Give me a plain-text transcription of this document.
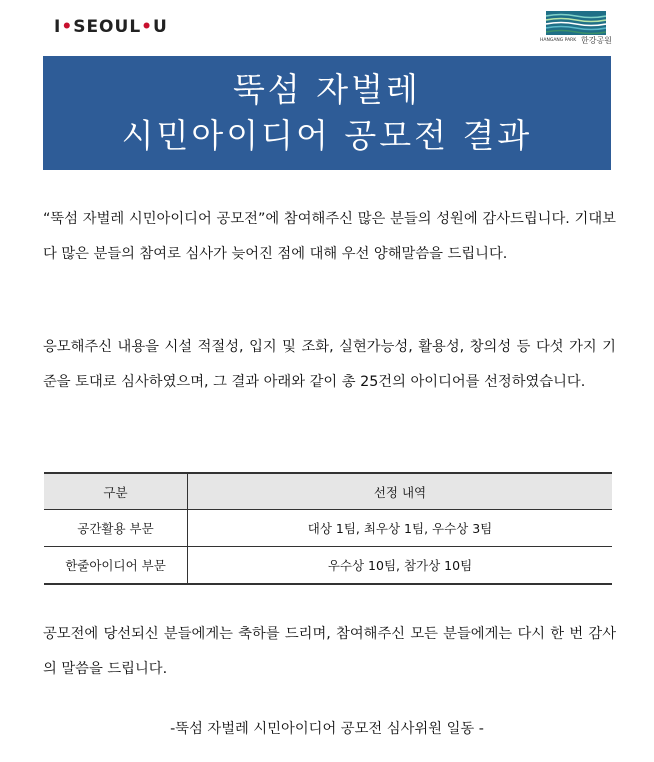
I•SEOUL•U
HANGANG PARK 한강공원
뚝섬 자벌레
시민아이디어 공모전 결과
“뚝섬 자벌레 시민아이디어 공모전”에 참여해주신 많은 분들의 성원에 감사드립니다. 기대보다 많은 분들의 참여로 심사가 늦어진 점에 대해 우선 양해말씀을 드립니다.
응모해주신 내용을 시설 적절성, 입지 및 조화, 실현가능성, 활용성, 창의성 등 다섯 가지 기준을 토대로 심사하였으며, 그 결과 아래와 같이 총 25건의 아이디어를 선정하였습니다.
구분	선정 내역
공간활용 부문	대상 1팀, 최우상 1팀, 우수상 3팀
한줄아이디어 부문	우수상 10팀, 참가상 10팀
공모전에 당선되신 분들에게는 축하를 드리며, 참여해주신 모든 분들에게는 다시 한 번 감사의 말씀을 드립니다.
-뚝섬 자벌레 시민아이디어 공모전 심사위원 일동 -
